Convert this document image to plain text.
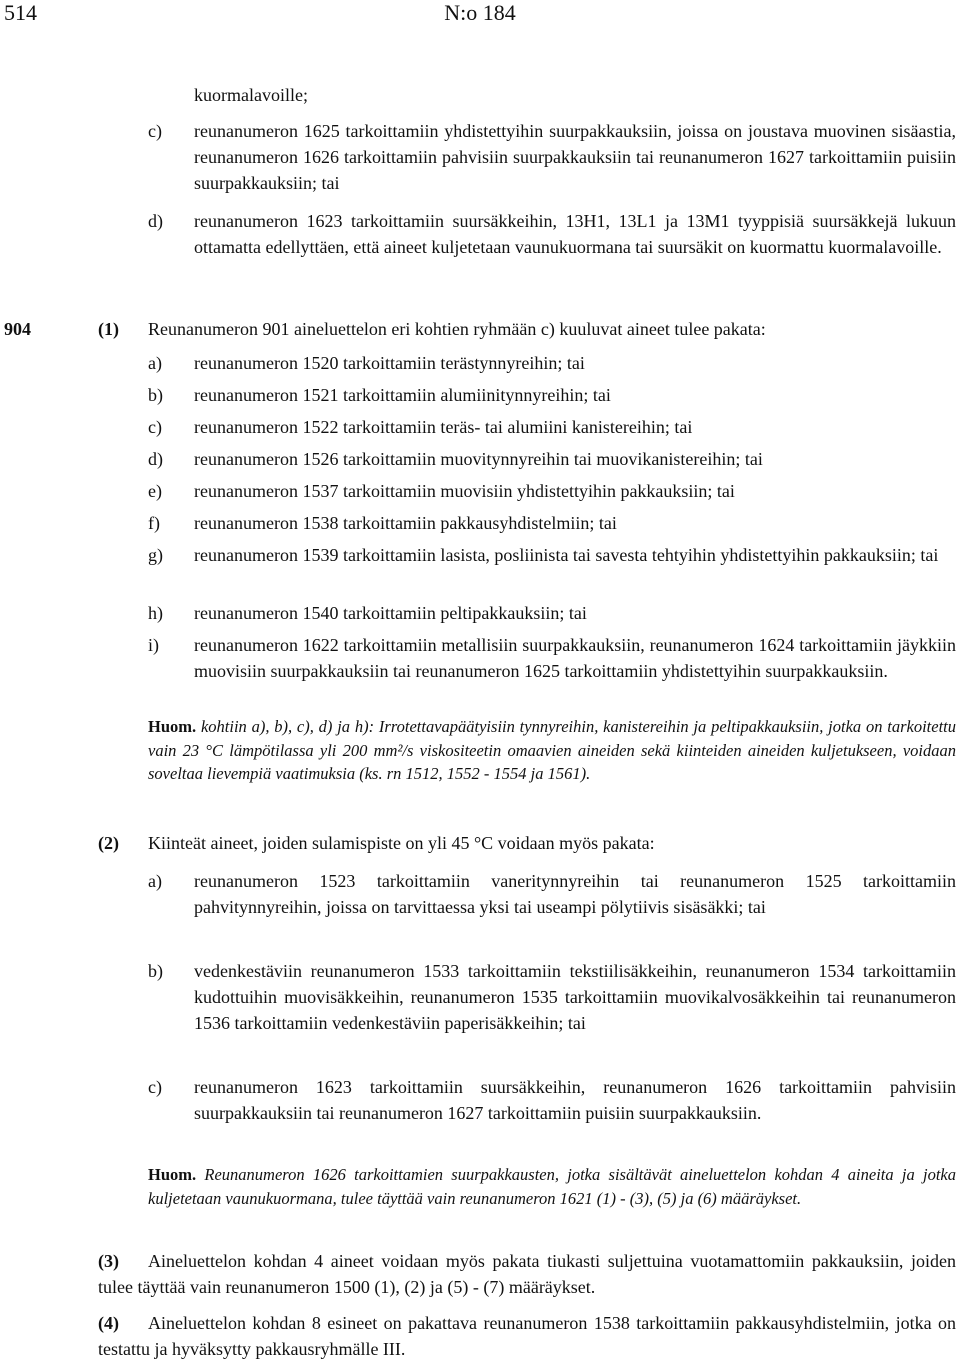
514	N:o 184
kuormalavoille;
c) reunanumeron 1625 tarkoittamiin yhdistettyihin suurpakkauksiin, joissa on joustava muovinen sisäastia, reunanumeron 1626 tarkoittamiin pahvisiin suurpakkauksiin tai reunanumeron 1627 tarkoittamiin puisiin suurpakkauksiin; tai
d) reunanumeron 1623 tarkoittamiin suursäkkeihin, 13H1, 13L1 ja 13M1 tyyppisiä suursäkkejä lukuun ottamatta edellyttäen, että aineet kuljetetaan vaunukuormana tai suursäkit on kuormattu kuormalavoille.
904	(1) Reunanumeron 901 aineluettelon eri kohtien ryhmään c) kuuluvat aineet tulee pakata:
a) reunanumeron 1520 tarkoittamiin terästynnyreihin; tai
b) reunanumeron 1521 tarkoittamiin alumiinitynnyreihin; tai
c) reunanumeron 1522 tarkoittamiin teräs- tai alumiini kanistereihin; tai
d) reunanumeron 1526 tarkoittamiin muovitynnyreihin tai muovikanistereihin; tai
e) reunanumeron 1537 tarkoittamiin muovisiin yhdistettyihin pakkauksiin; tai
f) reunanumeron 1538 tarkoittamiin pakkausyhdistelmiin; tai
g) reunanumeron 1539 tarkoittamiin lasista, posliinista tai savesta tehtyihin yhdistettyihin pakkauksiin; tai
h) reunanumeron 1540 tarkoittamiin peltipakkauksiin; tai
i) reunanumeron 1622 tarkoittamiin metallisiin suurpakkauksiin, reunanumeron 1624 tarkoittamiin jäykkiin muovisiin suurpakkauksiin tai reunanumeron 1625 tarkoittamiin yhdistettyihin suurpakkauksiin.
Huom. kohtiin a), b), c), d) ja h): Irrotettavapäätyisiin tynnyreihin, kanistereihin ja peltipakkauksiin, jotka on tarkoitettu vain 23 °C lämpötilassa yli 200 mm²/s viskositeetin omaavien aineiden sekä kiinteiden aineiden kuljetukseen, voidaan soveltaa lievempiä vaatimuksia (ks. rn 1512, 1552 - 1554 ja 1561).
(2) Kiinteät aineet, joiden sulamispiste on yli 45 °C voidaan myös pakata:
a) reunanumeron 1523 tarkoittamiin vaneritynnyreihin tai reunanumeron 1525 tarkoittamiin pahvitynnyreihin, joissa on tarvittaessa yksi tai useampi pölytiivis sisäsäkki; tai
b) vedenkestäviin reunanumeron 1533 tarkoittamiin tekstiilisäkkeihin, reunanumeron 1534 tarkoittamiin kudottuihin muovisäkkeihin, reunanumeron 1535 tarkoittamiin muovikalvosäkkeihin tai reunanumeron 1536 tarkoittamiin vedenkestäviin paperisäkkeihin; tai
c) reunanumeron 1623 tarkoittamiin suursäkkeihin, reunanumeron 1626 tarkoittamiin pahvisiin suurpakkauksiin tai reunanumeron 1627 tarkoittamiin puisiin suurpakkauksiin.
Huom. Reunanumeron 1626 tarkoittamien suurpakkausten, jotka sisältävät aineluettelon kohdan 4 aineita ja jotka kuljetetaan vaunukuormana, tulee täyttää vain reunanumeron 1621 (1) - (3), (5) ja (6) määräykset.
(3) Aineluettelon kohdan 4 aineet voidaan myös pakata tiukasti suljettuina vuotamattomiin pakkauksiin, joiden tulee täyttää vain reunanumeron 1500 (1), (2) ja (5) - (7) määräykset.
(4) Aineluettelon kohdan 8 esineet on pakattava reunanumeron 1538 tarkoittamiin pakkausyhdistelmiin, jotka on testattu ja hyväksytty pakkausryhmälle III.
